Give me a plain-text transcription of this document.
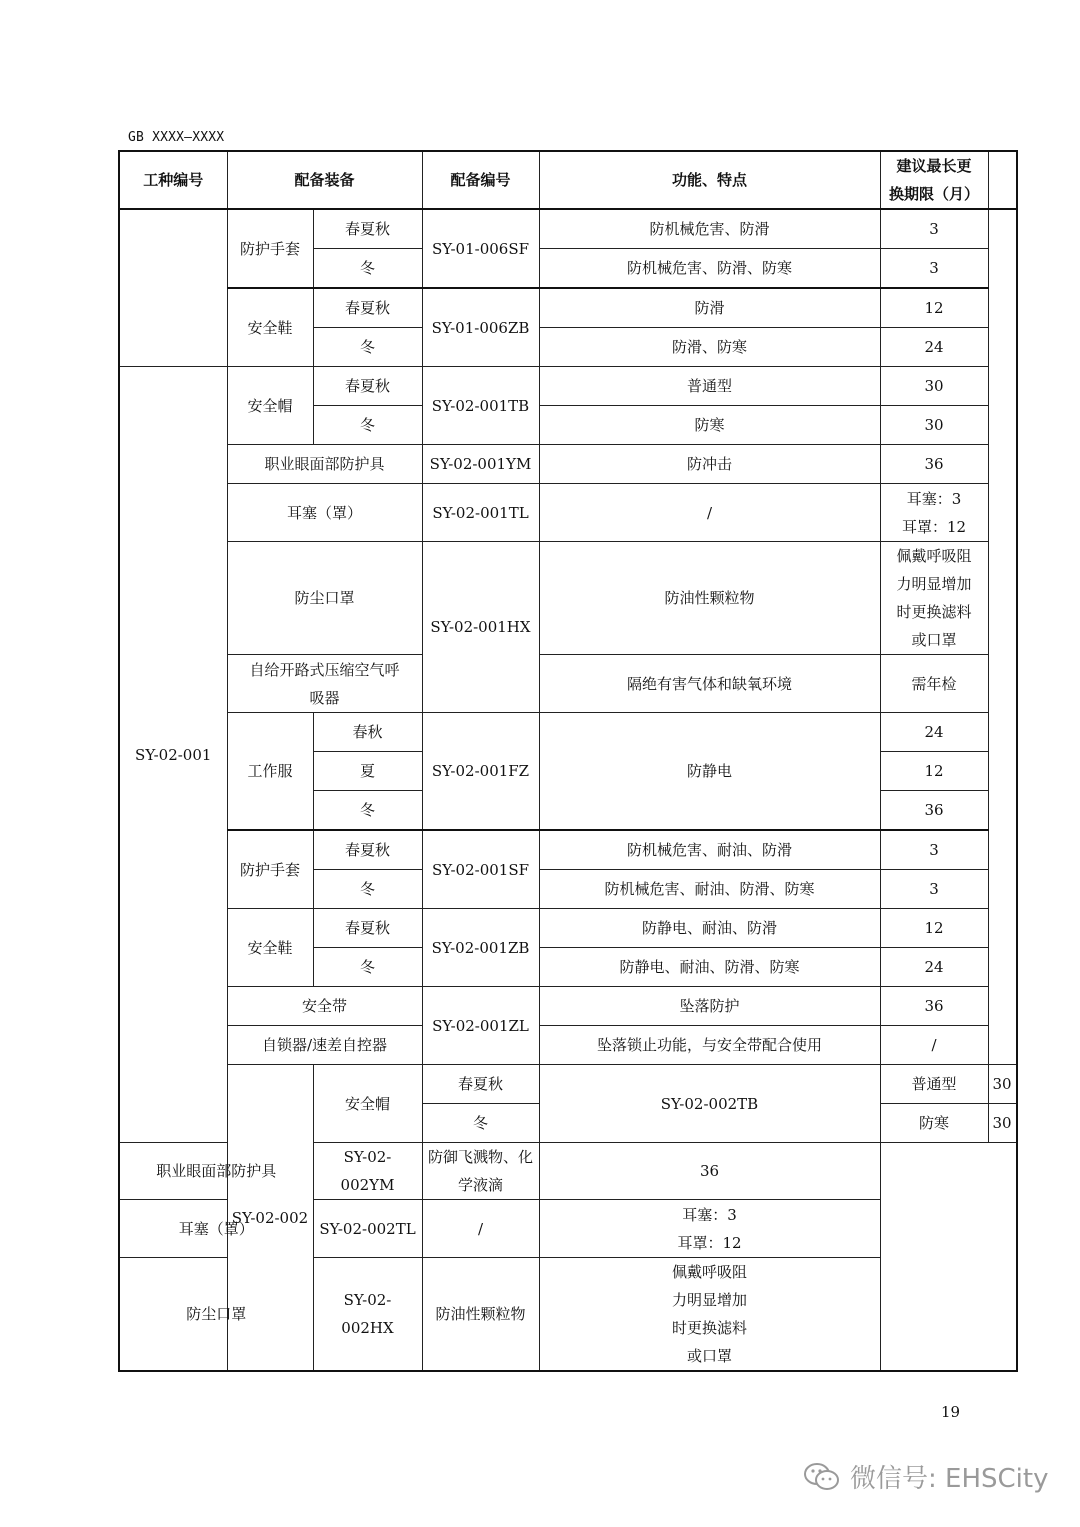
GB XXXX—XXXX
工种编号	配备装备		配备编号	功能、特点	建议最长更
换期限（月）	

	防护手套	春夏秋	SY-01-006SF	防机械危害、防滑	3	
		冬		防机械危害、防滑、防寒	3	
	安全鞋	春夏秋	SY-01-006ZB	防滑	12	
		冬		防滑、防寒	24	
SY-02-001	安全帽	春夏秋	SY-02-001TB	普通型	30	
		冬		防寒	30	
	职业眼面部防护具		SY-02-001YM	防冲击	36	
	耳塞（罩）		SY-02-001TL	/	耳塞：3
耳罩：12	

	防尘口罩		SY-02-001HX	防油性颗粒物	佩戴呼吸阻
力明显增加
时更换滤料
或口罩	

	自给开路式压缩空气呼
吸器			隔绝有害气体和缺氧环境	需年检	
	工作服	春秋	SY-02-001FZ	防静电	24	
		夏			12	
		冬			36	
	防护手套	春夏秋	SY-02-001SF	防机械危害、耐油、防滑	3	
		冬		防机械危害、耐油、防滑、防寒	3	
	安全鞋	春夏秋	SY-02-001ZB	防静电、耐油、防滑	12	
		冬		防静电、耐油、防滑、防寒	24	
	安全带		SY-02-001ZL	坠落防护	36	
	自锁器/速差自控器			坠落锁止功能，与安全带配合使用	/	
	SY-02-002	安全帽	春夏秋	SY-02-002TB	普通型	30
			冬		防寒	30
职业眼面部防护具		SY-02-002YM	防御飞溅物、化学液滴	36		
耳塞（罩）		SY-02-002TL	/	耳塞：3
耳罩：12		

防尘口罩		SY-02-002HX	防油性颗粒物	佩戴呼吸阻
力明显增加
时更换滤料
或口罩		
19
微信号: EHSCity
